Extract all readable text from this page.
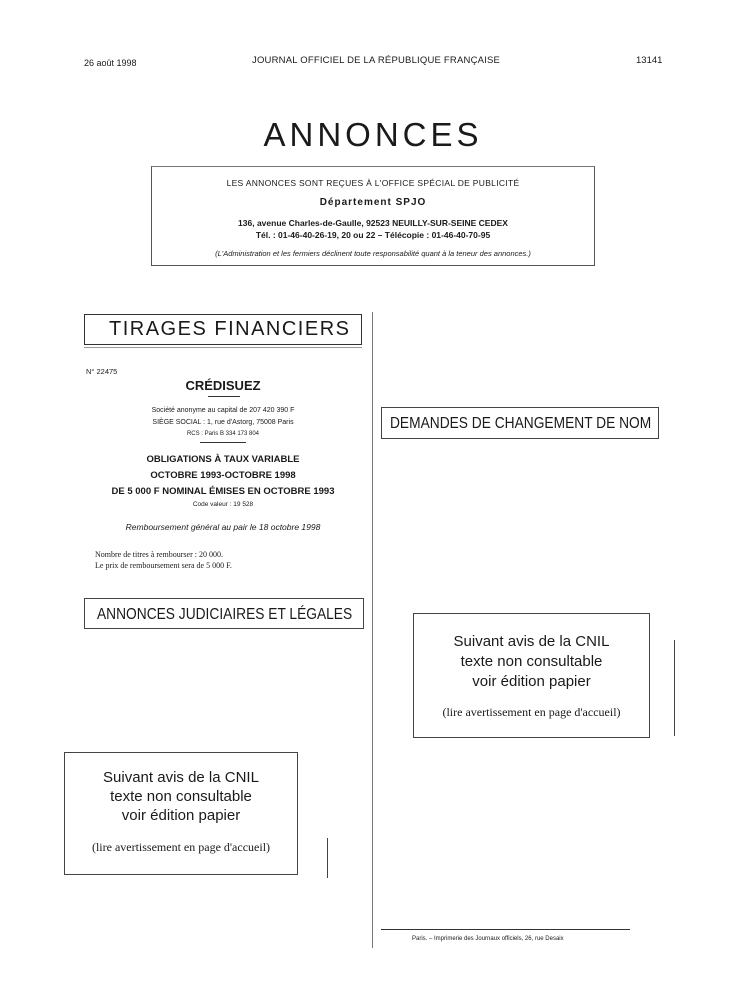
26 août 1998	JOURNAL OFFICIEL DE LA RÉPUBLIQUE FRANÇAISE	13141
ANNONCES
LES ANNONCES SONT REÇUES À L'OFFICE SPÉCIAL DE PUBLICITÉ
Département SPJO
136, avenue Charles-de-Gaulle, 92523 NEUILLY-SUR-SEINE CEDEX
Tél. : 01-46-40-26-19, 20 ou 22 – Télécopie : 01-46-40-70-95
(L'Administration et les fermiers déclinent toute responsabilité quant à la teneur des annonces.)
TIRAGES FINANCIERS
N° 22475
CRÉDISUEZ
Société anonyme au capital de 207 420 390 F
SIÈGE SOCIAL : 1, rue d'Astorg, 75008 Paris
RCS : Paris B 334 173 804
OBLIGATIONS À TAUX VARIABLE
OCTOBRE 1993-OCTOBRE 1998
DE 5 000 F NOMINAL ÉMISES EN OCTOBRE 1993
Code valeur : 19 528
Remboursement général au pair le 18 octobre 1998
Nombre de titres à rembourser : 20 000.
Le prix de remboursement sera de 5 000 F.
ANNONCES JUDICIAIRES ET LÉGALES
DEMANDES DE CHANGEMENT DE NOM
Suivant avis de la CNIL
texte non consultable
voir édition papier
(lire avertissement en page d'accueil)
Suivant avis de la CNIL
texte non consultable
voir édition papier
(lire avertissement en page d'accueil)
Paris. – Imprimerie des Journaux officiels, 26, rue Desaix
